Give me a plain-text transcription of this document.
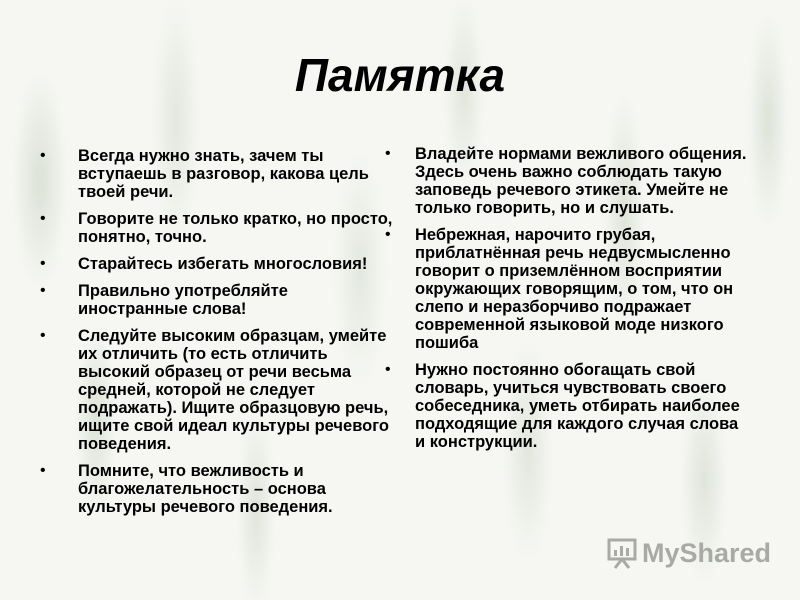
Памятка
• Всегда нужно знать, зачем ты вступаешь в разговор, какова цель твоей речи.
• Говорите не только кратко, но просто, понятно, точно.
• Старайтесь избегать многословия!
• Правильно употребляйте иностранные слова!
• Следуйте высоким образцам, умейте их отличить (то есть отличить высокий образец от речи весьма средней, которой не следует подражать). Ищите образцовую речь, ищите свой идеал культуры речевого поведения.
• Помните, что вежливость и благожелательность – основа культуры речевого поведения.
• Владейте нормами вежливого общения. Здесь очень важно соблюдать такую заповедь речевого этикета. Умейте не только говорить, но и слушать.
• Небрежная, нарочито грубая, приблатнённая речь недвусмысленно говорит о приземлённом восприятии окружающих говорящим, о том, что он слепо и неразборчиво подражает современной языковой моде низкого пошиба
• Нужно постоянно обогащать свой словарь, учиться чувствовать своего собеседника, уметь отбирать наиболее подходящие для каждого случая слова и конструкции.
MyShared
